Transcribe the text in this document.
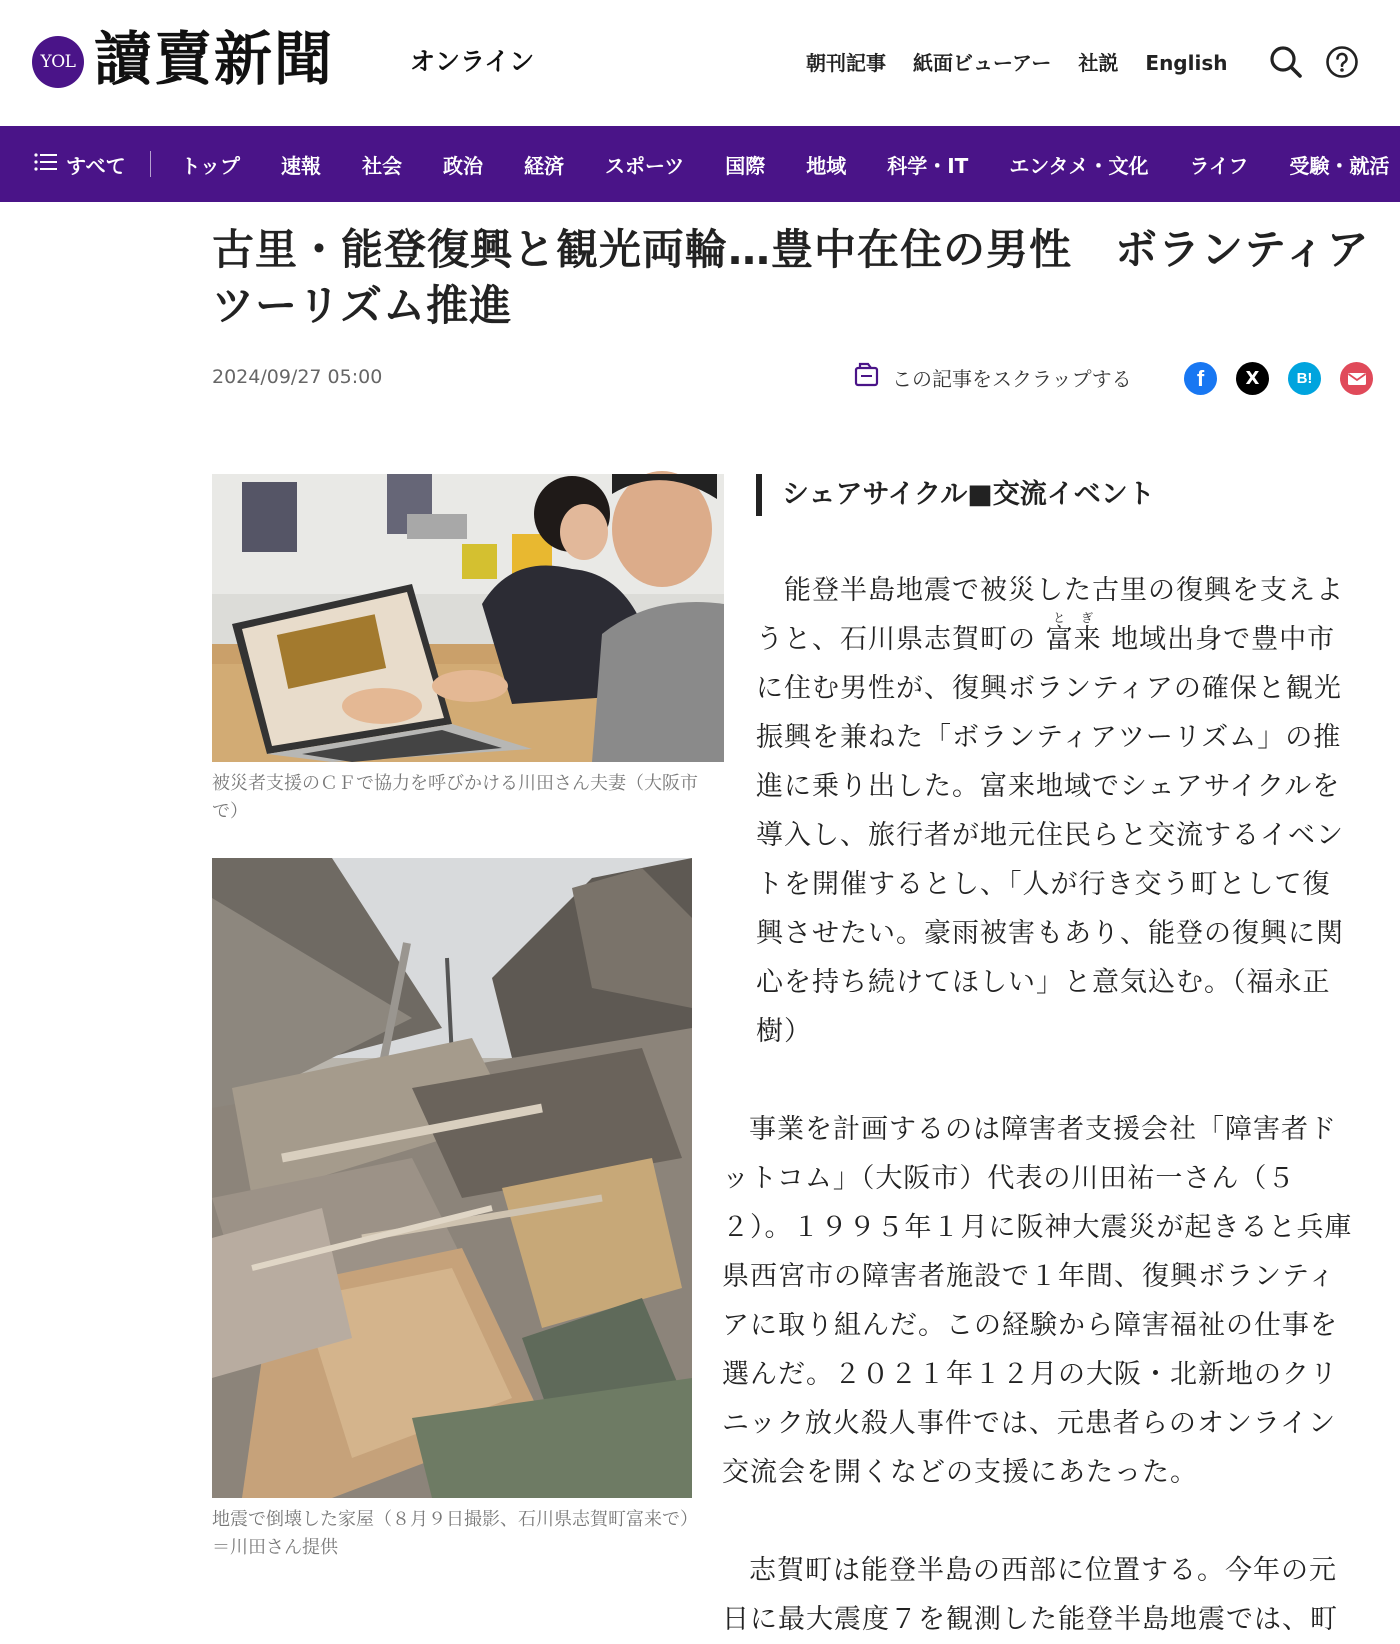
YOL 讀賣新聞	オンライン	朝刊記事 紙面ビューアー 社説 English
すべて	トップ 速報 社会 政治 経済 スポーツ 国際 地域 科学・IT エンタメ・文化 ライフ 受験・就活
古里・能登復興と観光両輪…豊中在住の男性　ボランティアツーリズム推進
2024/09/27 05:00	この記事をスクラップする	f	X	B!
被災者支援のＣＦで協力を呼びかける川田さん夫妻（大阪市で）
地震で倒壊した家屋（８月９日撮影、石川県志賀町富来で）＝川田さん提供
シェアサイクル■交流イベント

能登半島地震で被災した古里の復興を支えようと、石川県志賀町の 富来とぎ 地域出身で豊中市に住む男性が、復興ボランティアの確保と観光振興を兼ねた「ボランティアツーリズム」の推進に乗り出した。富来地域でシェアサイクルを導入し、旅行者が地元住民らと交流するイベントを開催するとし、「人が行き交う町として復興させたい。豪雨被害もあり、能登の復興に関心を持ち続けてほしい」と意気込む。（福永正樹）

事業を計画するのは障害者支援会社「障害者ドットコム」（大阪市）代表の川田祐一さん（５２）。１９９５年１月に阪神大震災が起きると兵庫県西宮市の障害者施設で１年間、復興ボランティアに取り組んだ。この経験から障害福祉の仕事を選んだ。２０２１年１２月の大阪・北新地のクリニック放火殺人事件では、元患者らのオンライン交流会を開くなどの支援にあたった。

志賀町は能登半島の西部に位置する。今年の元日に最大震度７を観測した能登半島地震では、町
